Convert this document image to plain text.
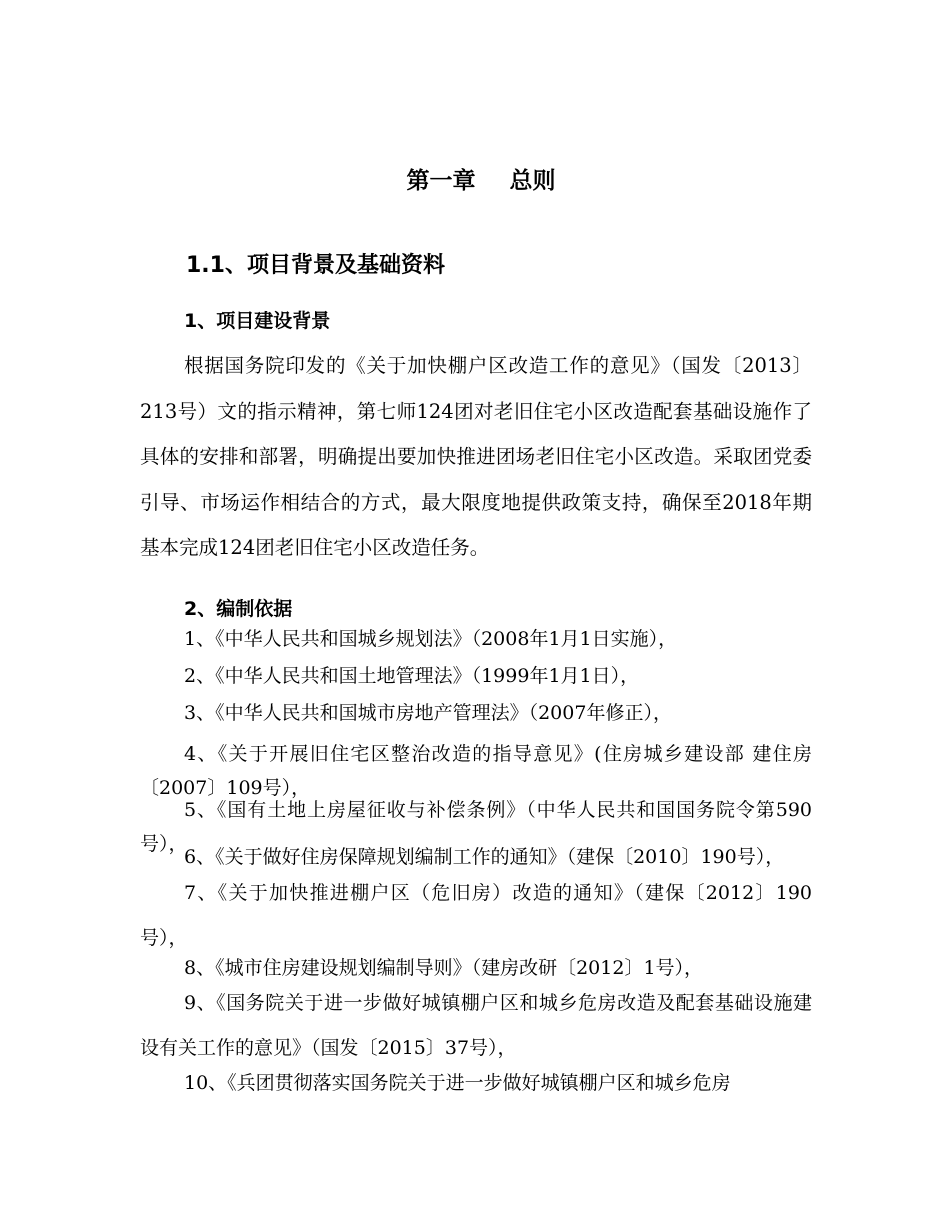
第一章 总则
1.1、项目背景及基础资料
1、项目建设背景

根据国务院印发的《关于加快棚户区改造工作的意见》（国发〔2013〕213号）文的指示精神，第七师124团对老旧住宅小区改造配套基础设施作了具体的安排和部署，明确提出要加快推进团场老旧住宅小区改造。采取团党委引导、市场运作相结合的方式，最大限度地提供政策支持，确保至2018年期基本完成124团老旧住宅小区改造任务。

2、编制依据

1、《中华人民共和国城乡规划法》（2008年1月1日实施），

2、《中华人民共和国土地管理法》（1999年1月1日），

3、《中华人民共和国城市房地产管理法》（2007年修正），

4、《关于开展旧住宅区整治改造的指导意见》(住房城乡建设部 建住房〔2007〕109号），

5、《国有土地上房屋征收与补偿条例》（中华人民共和国国务院令第590号），

6、《关于做好住房保障规划编制工作的通知》（建保〔2010〕190号），

7、《关于加快推进棚户区（危旧房）改造的通知》（建保〔2012〕190号），

8、《城市住房建设规划编制导则》（建房改研〔2012〕1号），

9、《国务院关于进一步做好城镇棚户区和城乡危房改造及配套基础设施建设有关工作的意见》（国发〔2015〕37号），

10、《兵团贯彻落实国务院关于进一步做好城镇棚户区和城乡危房
